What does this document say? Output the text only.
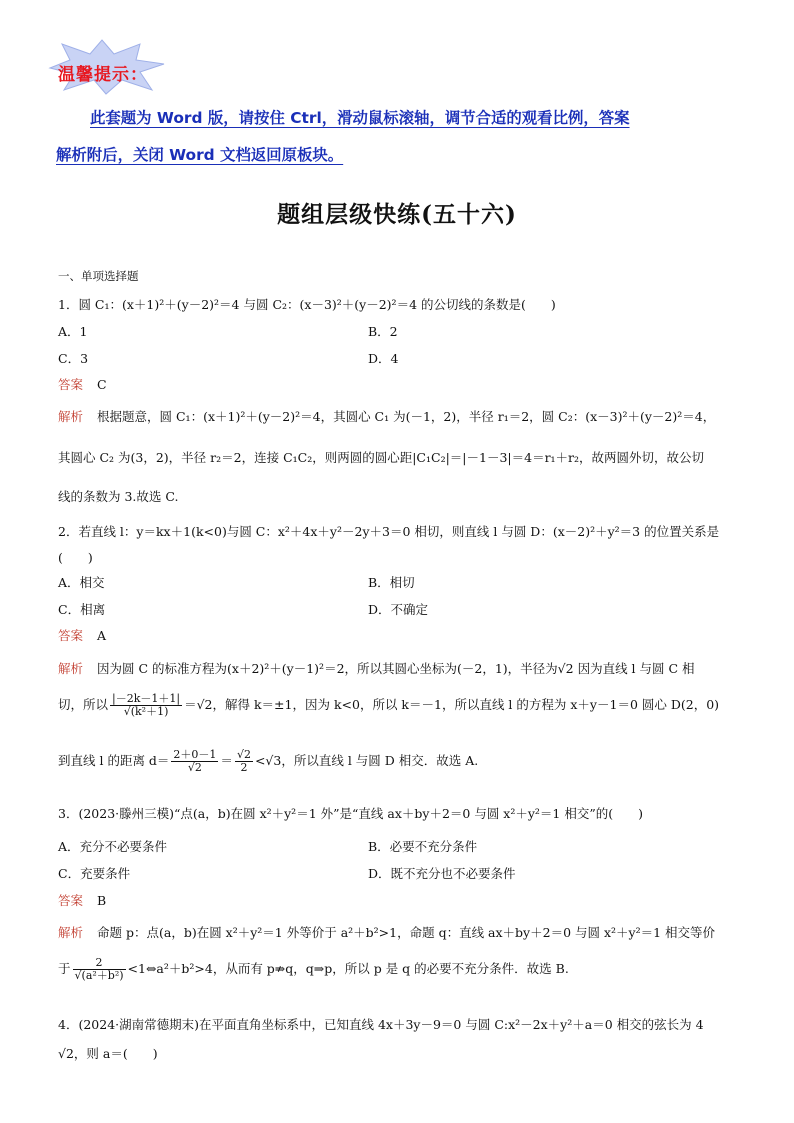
温馨提示：
此套题为 Word 版，请按住 Ctrl，滑动鼠标滚轴，调节合适的观看比例，答案
解析附后，关闭 Word 文档返回原板块。
题组层级快练(五十六)
一、单项选择题
1．圆 C₁：(x＋1)²＋(y－2)²＝4 与圆 C₂：(x－3)²＋(y－2)²＝4 的公切线的条数是(　　)
A．1	B．2
C．3	D．4
答案 C
解析 根据题意，圆 C₁：(x＋1)²＋(y－2)²＝4，其圆心 C₁ 为(－1，2)，半径 r₁＝2，圆 C₂：(x－3)²＋(y－2)²＝4，
其圆心 C₂ 为(3，2)，半径 r₂＝2，连接 C₁C₂，则两圆的圆心距|C₁C₂|＝|－1－3|＝4＝r₁＋r₂，故两圆外切，故公切
线的条数为 3.故选 C.
2．若直线 l：y＝kx＋1(k<0)与圆 C：x²＋4x＋y²－2y＋3＝0 相切，则直线 l 与圆 D：(x－2)²＋y²＝3 的位置关系是
(　　)
A．相交	B．相切
C．相离	D．不确定
答案 A
解析 因为圆 C 的标准方程为(x＋2)²＋(y－1)²＝2，所以其圆心坐标为(－2，1)，半径为√2 因为直线 l 与圆 C 相
切，所以 $\frac{|-2k-1+1|}{\text{√(k²＋1)}} =√2$，解得 k＝±1，因为 k<0，所以 k＝－1，所以直线 l 的方程为 x＋y－1＝0 圆心 D(2，0)
到直线 l 的距离 $d= \frac{2+0-1}{√2} = \frac{√2}{2} <√3$，所以直线 l 与圆 D 相交．故选 A.
3．(2023·滕州三模)“点(a，b)在圆 x²＋y²＝1 外”是“直线 ax＋by＋2＝0 与圆 x²＋y²＝1 相交”的(　　)
A．充分不必要条件	B．必要不充分条件
C．充要条件	D．既不充分也不必要条件
答案 B
解析 命题 p：点(a，b)在圆 x²＋y²＝1 外等价于 a²＋b²>1，命题 q：直线 ax＋by＋2＝0 与圆 x²＋y²＝1 相交等价
于 $\frac{2}{\text{√(a²＋b²)}}$ <1⇔a²＋b²>4，从而有 p⇏q，q⇒p，所以 p 是 q 的必要不充分条件．故选 B.
4．(2024·湖南常德期末)在平面直角坐标系中，已知直线 4x＋3y－9＝0 与圆 C:x²－2x＋y²＋a＝0 相交的弦长为 4
√2，则 a＝(　　)
